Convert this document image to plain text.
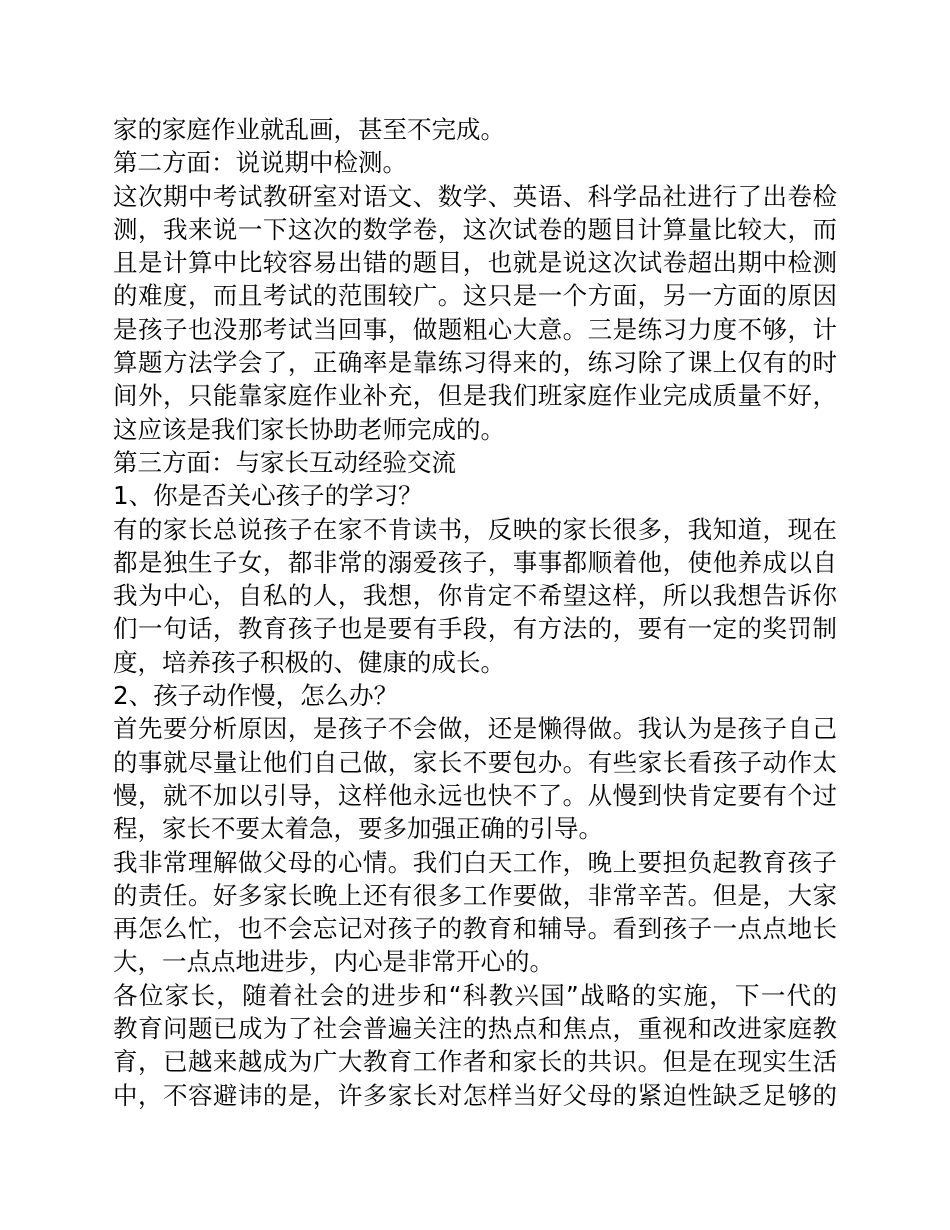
家的家庭作业就乱画，甚至不完成。
第二方面：说说期中检测。
这次期中考试教研室对语文、数学、英语、科学品社进行了出卷检
测，我来说一下这次的数学卷，这次试卷的题目计算量比较大，而
且是计算中比较容易出错的题目，也就是说这次试卷超出期中检测
的难度，而且考试的范围较广。这只是一个方面，另一方面的原因
是孩子也没那考试当回事，做题粗心大意。三是练习力度不够，计
算题方法学会了，正确率是靠练习得来的，练习除了课上仅有的时
间外，只能靠家庭作业补充，但是我们班家庭作业完成质量不好，
这应该是我们家长协助老师完成的。
第三方面：与家长互动经验交流
1、你是否关心孩子的学习？
有的家长总说孩子在家不肯读书，反映的家长很多，我知道，现在
都是独生子女，都非常的溺爱孩子，事事都顺着他，使他养成以自
我为中心，自私的人，我想，你肯定不希望这样，所以我想告诉你
们一句话，教育孩子也是要有手段，有方法的，要有一定的奖罚制
度，培养孩子积极的、健康的成长。
2、孩子动作慢，怎么办？
首先要分析原因，是孩子不会做，还是懒得做。我认为是孩子自己
的事就尽量让他们自己做，家长不要包办。有些家长看孩子动作太
慢，就不加以引导，这样他永远也快不了。从慢到快肯定要有个过
程，家长不要太着急，要多加强正确的引导。
我非常理解做父母的心情。我们白天工作，晚上要担负起教育孩子
的责任。好多家长晚上还有很多工作要做，非常辛苦。但是，大家
再怎么忙，也不会忘记对孩子的教育和辅导。看到孩子一点点地长
大，一点点地进步，内心是非常开心的。
各位家长，随着社会的进步和“科教兴国”战略的实施，下一代的
教育问题已成为了社会普遍关注的热点和焦点，重视和改进家庭教
育，已越来越成为广大教育工作者和家长的共识。但是在现实生活
中，不容避讳的是，许多家长对怎样当好父母的紧迫性缺乏足够的
